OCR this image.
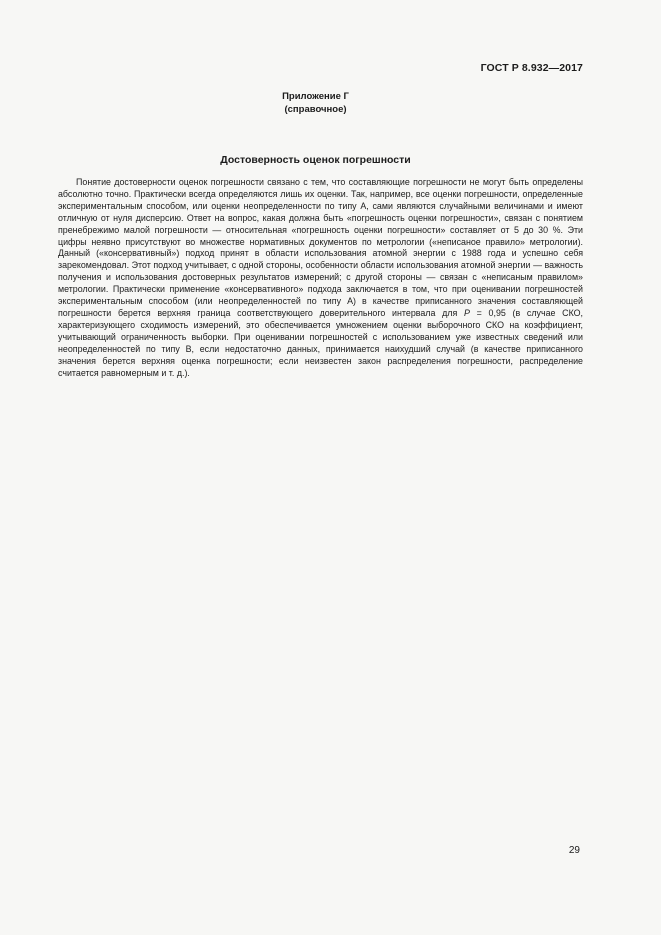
ГОСТ Р 8.932—2017
Приложение Г
(справочное)
Достоверность оценок погрешности

Понятие достоверности оценок погрешности связано с тем, что составляющие погрешности не могут быть определены абсолютно точно. Практически всегда определяются лишь их оценки. Так, например, все оценки погрешности, определенные экспериментальным способом, или оценки неопределенности по типу А, сами являются случайными величинами и имеют отличную от нуля дисперсию. Ответ на вопрос, какая должна быть «погрешность оценки погрешности», связан с понятием пренебрежимо малой погрешности — относительная «погрешность оценки погрешности» составляет от 5 до 30 %. Эти цифры неявно присутствуют во множестве нормативных документов по метрологии («неписаное правило» метрологии). Данный («консервативный») подход принят в области использования атомной энергии с 1988 года и успешно себя зарекомендовал. Этот подход учитывает, с одной стороны, особенности области использования атомной энергии — важность получения и использования достоверных результатов измерений; с другой стороны — связан с «неписаным правилом» метрологии. Практически применение «консервативного» подхода заключается в том, что при оценивании погрешностей экспериментальным способом (или неопределенностей по типу А) в качестве приписанного значения составляющей погрешности берется верхняя граница соответствующего доверительного интервала для P = 0,95 (в случае СКО, характеризующего сходимость измерений, это обеспечивается умножением оценки выборочного СКО на коэффициент, учитывающий ограниченность выборки. При оценивании погрешностей с использованием уже известных сведений или неопределенностей по типу В, если недостаточно данных, принимается наихудший случай (в качестве приписанного значения берется верхняя оценка погрешности; если неизвестен закон распределения погрешности, распределение считается равномерным и т. д.).

29
